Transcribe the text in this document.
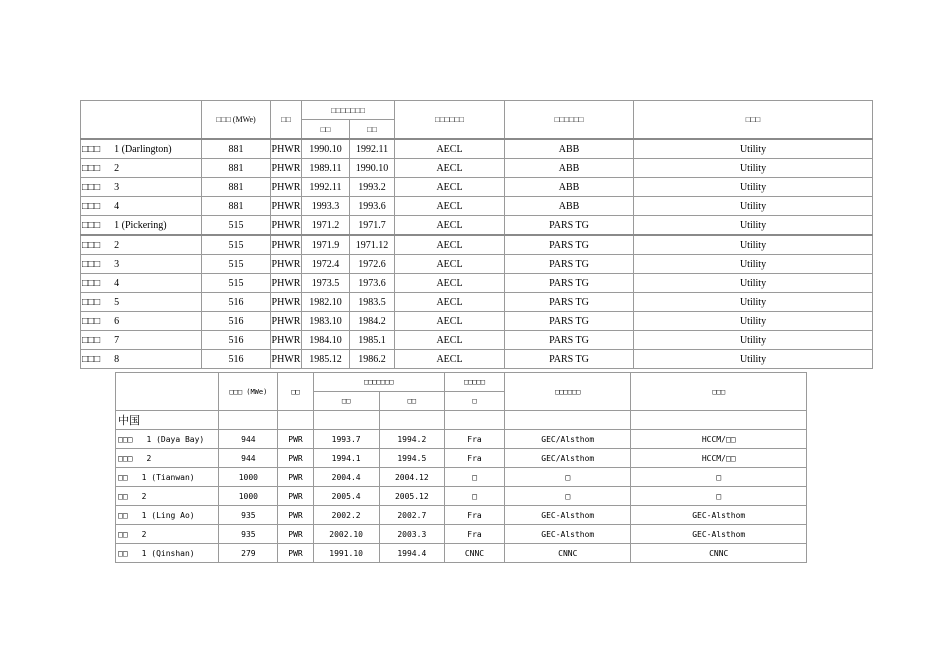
	□□□ (MWe)	□□	□□□□□□□		□□□□□□	□□□□□□	□□□
			□□	□□			
□□□ 1 (Darlington)	881	PHWR	1990.10	1992.11	AECL	ABB	Utility
□□□ 2	881	PHWR	1989.11	1990.10	AECL	ABB	Utility
□□□ 3	881	PHWR	1992.11	1993.2	AECL	ABB	Utility
□□□ 4	881	PHWR	1993.3	1993.6	AECL	ABB	Utility
□□□ 1 (Pickering)	515	PHWR	1971.2	1971.7	AECL	PARS TG	Utility
□□□ 2	515	PHWR	1971.9	1971.12	AECL	PARS TG	Utility
□□□ 3	515	PHWR	1972.4	1972.6	AECL	PARS TG	Utility
□□□ 4	515	PHWR	1973.5	1973.6	AECL	PARS TG	Utility
□□□ 5	516	PHWR	1982.10	1983.5	AECL	PARS TG	Utility
□□□ 6	516	PHWR	1983.10	1984.2	AECL	PARS TG	Utility
□□□ 7	516	PHWR	1984.10	1985.1	AECL	PARS TG	Utility
□□□ 8	516	PHWR	1985.12	1986.2	AECL	PARS TG	Utility
	□□□ (MWe)	□□	□□□□□□□		□□□□□	□□□□□□	□□□
			□□	□□	□		
中国							
□□□ 1 (Daya Bay)	944	PWR	1993.7	1994.2	Fra	GEC/Alsthom	HCCM/□□
□□□ 2	944	PWR	1994.1	1994.5	Fra	GEC/Alsthom	HCCM/□□
□□ 1 (Tianwan)	1000	PWR	2004.4	2004.12	□	□	□
□□ 2	1000	PWR	2005.4	2005.12	□	□	□
□□ 1 (Ling Ao)	935	PWR	2002.2	2002.7	Fra	GEC-Alsthom	GEC-Alsthom
□□ 2	935	PWR	2002.10	2003.3	Fra	GEC-Alsthom	GEC-Alsthom
□□ 1 (Qinshan)	279	PWR	1991.10	1994.4	CNNC	CNNC	CNNC
